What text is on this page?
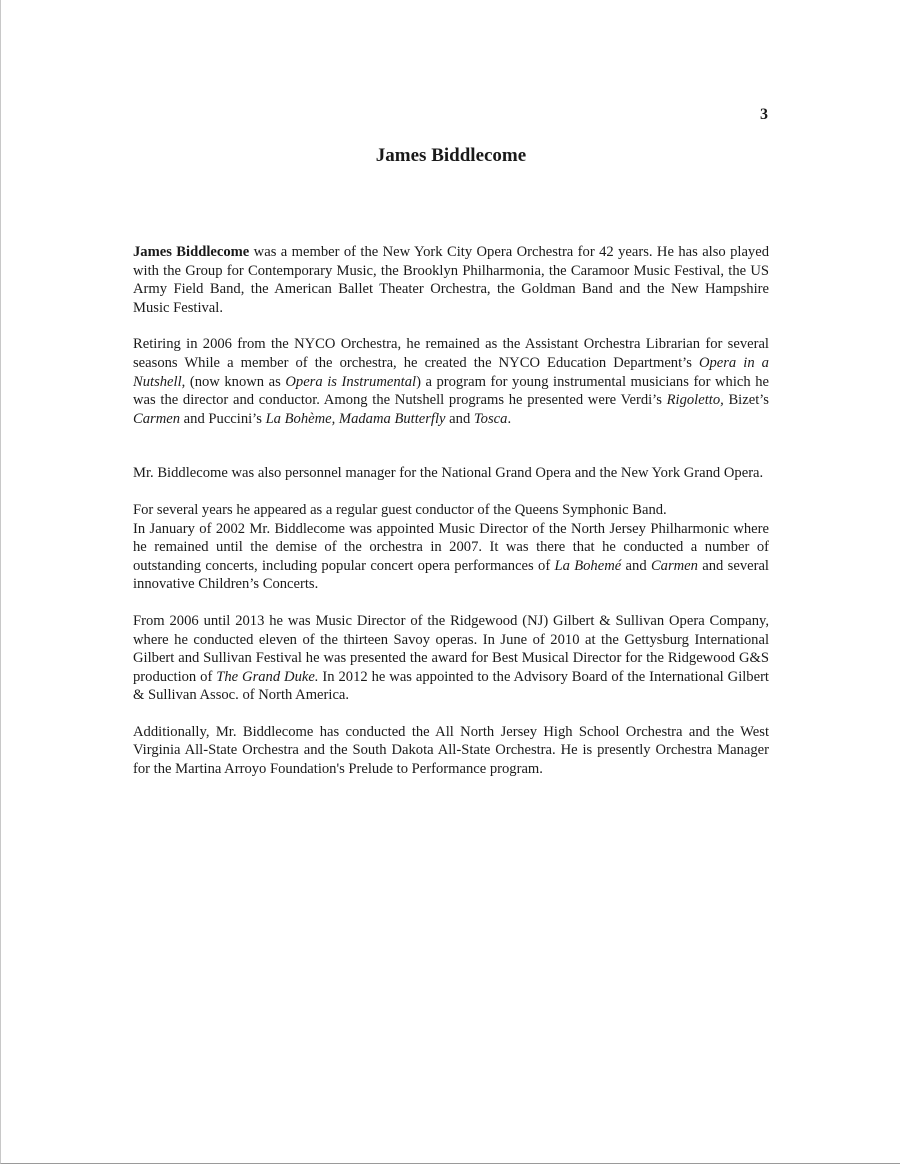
3
James Biddlecome

James Biddlecome was a member of the New York City Opera Orchestra for 42 years. He has also played with the Group for Contemporary Music, the Brooklyn Philharmonia, the Caramoor Music Festival, the US Army Field Band, the American Ballet Theater Orchestra, the Goldman Band and the New Hampshire Music Festival.

Retiring in 2006 from the NYCO Orchestra, he remained as the Assistant Orchestra Librarian for several seasons While a member of the orchestra, he created the NYCO Education Department’s Opera in a Nutshell, (now known as Opera is Instrumental) a program for young instrumental musicians for which he was the director and conductor. Among the Nutshell programs he presented were Verdi’s Rigoletto, Bizet’s Carmen and Puccini’s La Bohème, Madama Butterfly and Tosca.

Mr. Biddlecome was also personnel manager for the National Grand Opera and the New York Grand Opera.

For several years he appeared as a regular guest conductor of the Queens Symphonic Band.

In January of 2002 Mr. Biddlecome was appointed Music Director of the North Jersey Philharmonic where he remained until the demise of the orchestra in 2007. It was there that he conducted a number of outstanding concerts, including popular concert opera performances of La Bohemé and Carmen and several innovative Children’s Concerts.

From 2006 until 2013 he was Music Director of the Ridgewood (NJ) Gilbert & Sullivan Opera Company, where he conducted eleven of the thirteen Savoy operas. In June of 2010 at the Gettysburg International Gilbert and Sullivan Festival he was presented the award for Best Musical Director for the Ridgewood G&S production of The Grand Duke. In 2012 he was appointed to the Advisory Board of the International Gilbert & Sullivan Assoc. of North America.

Additionally, Mr. Biddlecome has conducted the All North Jersey High School Orchestra and the West Virginia All-State Orchestra and the South Dakota All-State Orchestra. He is presently Orchestra Manager for the Martina Arroyo Foundation's Prelude to Performance program.
